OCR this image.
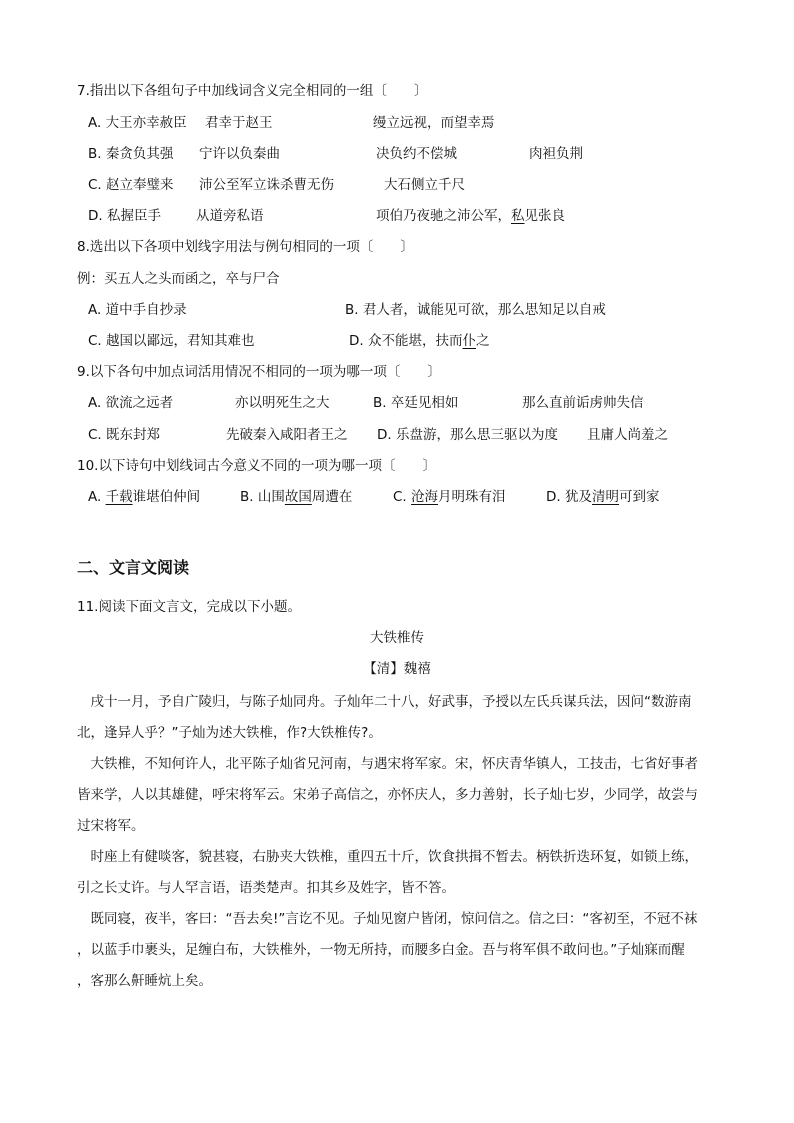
7.指出以下各组句子中加线词含义完全相同的一组〔　　〕
A. 大王亦幸赦臣 君幸于赵王	缦立远视，而望幸焉
B. 秦贪负其强 宁许以负秦曲	决负约不偿城	肉袒负荆
C. 赵立奉璧来 沛公至军立诛杀曹无伤	大石侧立千尺
D. 私握臣手	从道旁私语	项伯乃夜驰之沛公军，私见张良
8.选出以下各项中划线字用法与例句相同的一项〔　　〕
例：买五人之头而函之，卒与尸合
A. 道中手自抄录	B. 君人者，诚能见可欲，那么思知足以自戒
C. 越国以鄙远，君知其难也	D. 众不能堪，扶而仆之
9.以下各句中加点词活用情况不相同的一项为哪一项〔　　〕
A. 欲流之远者	亦以明死生之大	B. 卒廷见相如	那么直前诟虏帅失信
C. 既东封郑	先破秦入咸阳者王之 D. 乐盘游，那么思三驱以为度 且庸人尚羞之
10.以下诗句中划线词古今意义不同的一项为哪一项〔　　〕
A. 千载谁堪伯仲间	B. 山围故国周遭在	C. 沧海月明珠有泪	D. 犹及清明可到家
二、文言文阅读
11.阅读下面文言文，完成以下小题。
大铁椎传
【清】魏禧
　戌十一月，予自广陵归，与陈子灿同舟。子灿年二十八，好武事，予授以左氏兵谋兵法，因问“数游南
北，逢异人乎？”子灿为述大铁椎，作?大铁椎传?。
　大铁椎，不知何许人，北平陈子灿省兄河南，与遇宋将军家。宋，怀庆青华镇人，工技击，七省好事者
皆来学，人以其雄健，呼宋将军云。宋弟子高信之，亦怀庆人，多力善射，长子灿七岁，少同学，故尝与
过宋将军。
　时座上有健啖客，貌甚寝，右胁夹大铁椎，重四五十斤，饮食拱揖不暂去。柄铁折迭环复，如锁上练，
引之长丈许。与人罕言语，语类楚声。扣其乡及姓字，皆不答。
　既同寝，夜半，客曰：“吾去矣!”言讫不见。子灿见窗户皆闭，惊问信之。信之曰：“客初至，不冠不袜
，以蓝手巾裹头，足缠白布，大铁椎外，一物无所持，而腰多白金。吾与将军俱不敢问也。”子灿寐而醒
，客那么鼾睡炕上矣。
